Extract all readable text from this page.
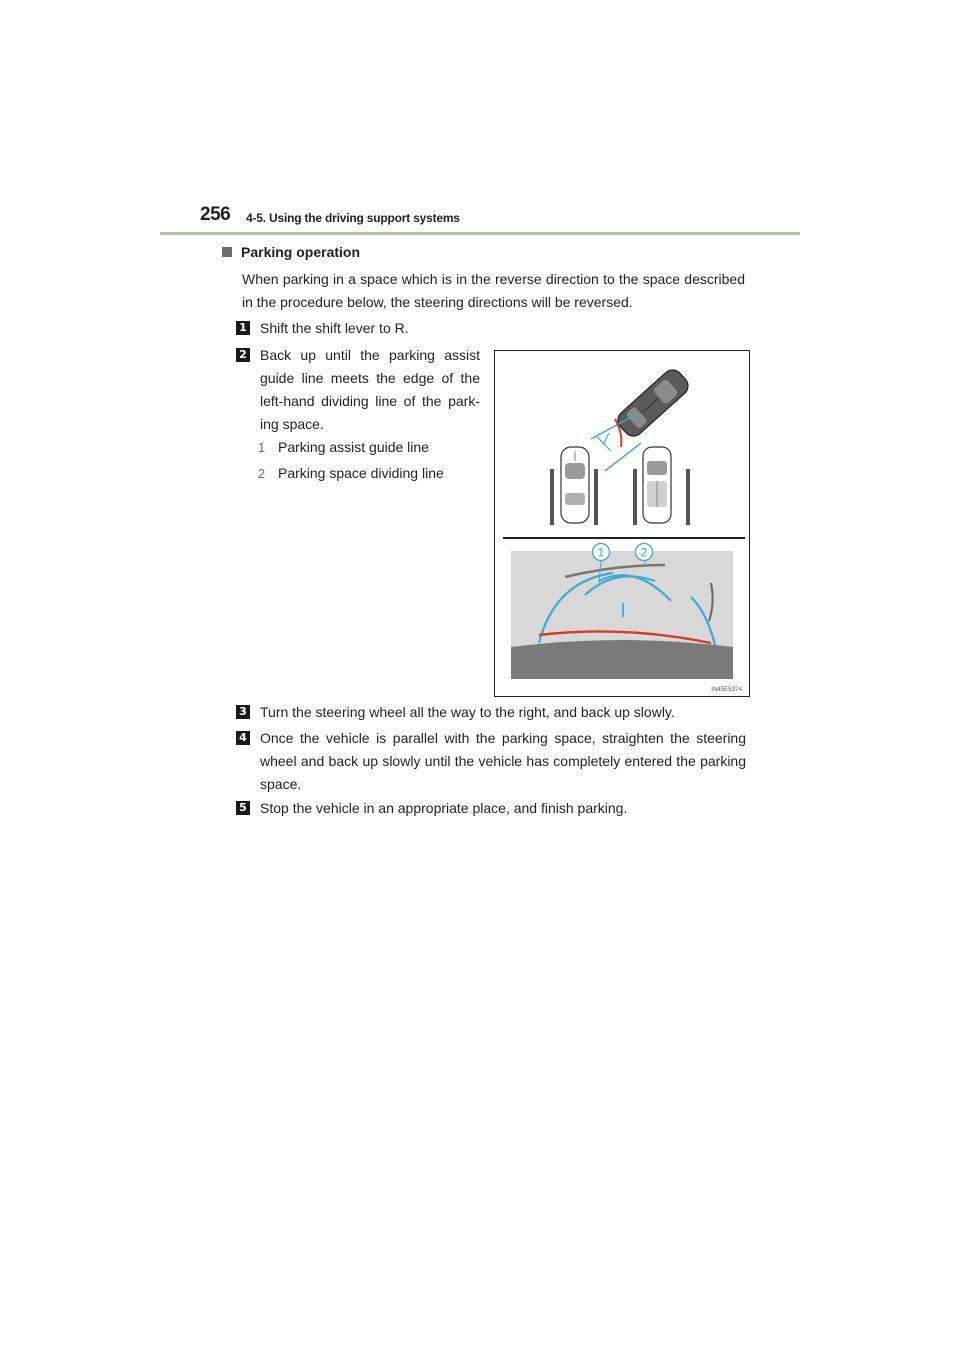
256 4-5. Using the driving support systems
Parking operation
When parking in a space which is in the reverse direction to the space described in the procedure below, the steering directions will be reversed.
1 Shift the shift lever to R.
2 Back up until the parking assist guide line meets the edge of the left-hand dividing line of the park-ing space.
1 Parking assist guide line
2 Parking space dividing line
1	2
IN45ES374
3 Turn the steering wheel all the way to the right, and back up slowly.
4 Once the vehicle is parallel with the parking space, straighten the steering wheel and back up slowly until the vehicle has completely entered the parking space.
5 Stop the vehicle in an appropriate place, and finish parking.
